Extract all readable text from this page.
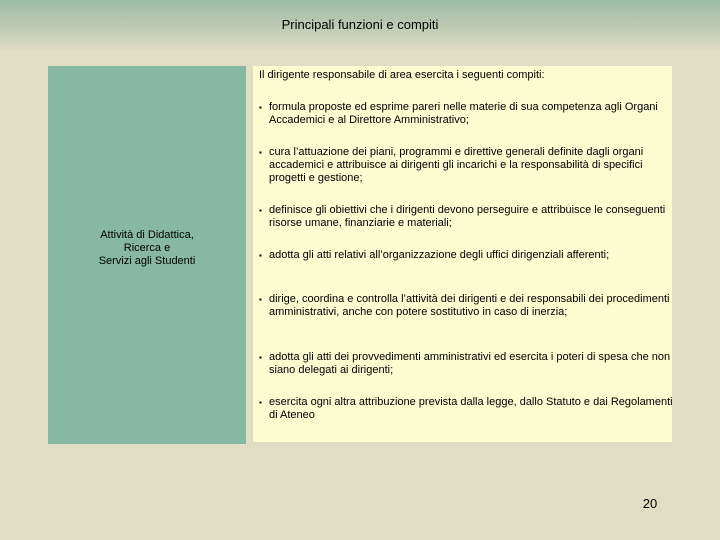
Principali funzioni e compiti
Attività di Didattica,
Ricerca e
Servizi agli Studenti
Il dirigente responsabile di area esercita i seguenti compiti:
▪ formula proposte ed esprime pareri nelle materie di sua competenza agli Organi Accademici e al Direttore Amministrativo;
▪ cura l’attuazione dei piani, programmi e direttive generali definite dagli organi accademici e attribuisce ai dirigenti gli incarichi e la responsabilità di specifici progetti e gestione;
▪ definisce gli obiettivi che i dirigenti devono perseguire e attribuisce le conseguenti risorse umane, finanziarie e materiali;
▪ adotta gli atti relativi all’organizzazione degli uffici dirigenziali afferenti;
▪ dirige, coordina e controlla l’attività dei dirigenti e dei responsabili dei procedimenti amministrativi, anche con potere sostitutivo in caso di inerzia;
▪ adotta gli atti dei provvedimenti amministrativi ed esercita i poteri di spesa che non siano delegati ai dirigenti;
▪ esercita ogni altra attribuzione prevista dalla legge, dallo Statuto e dai Regolamenti di Ateneo
20
